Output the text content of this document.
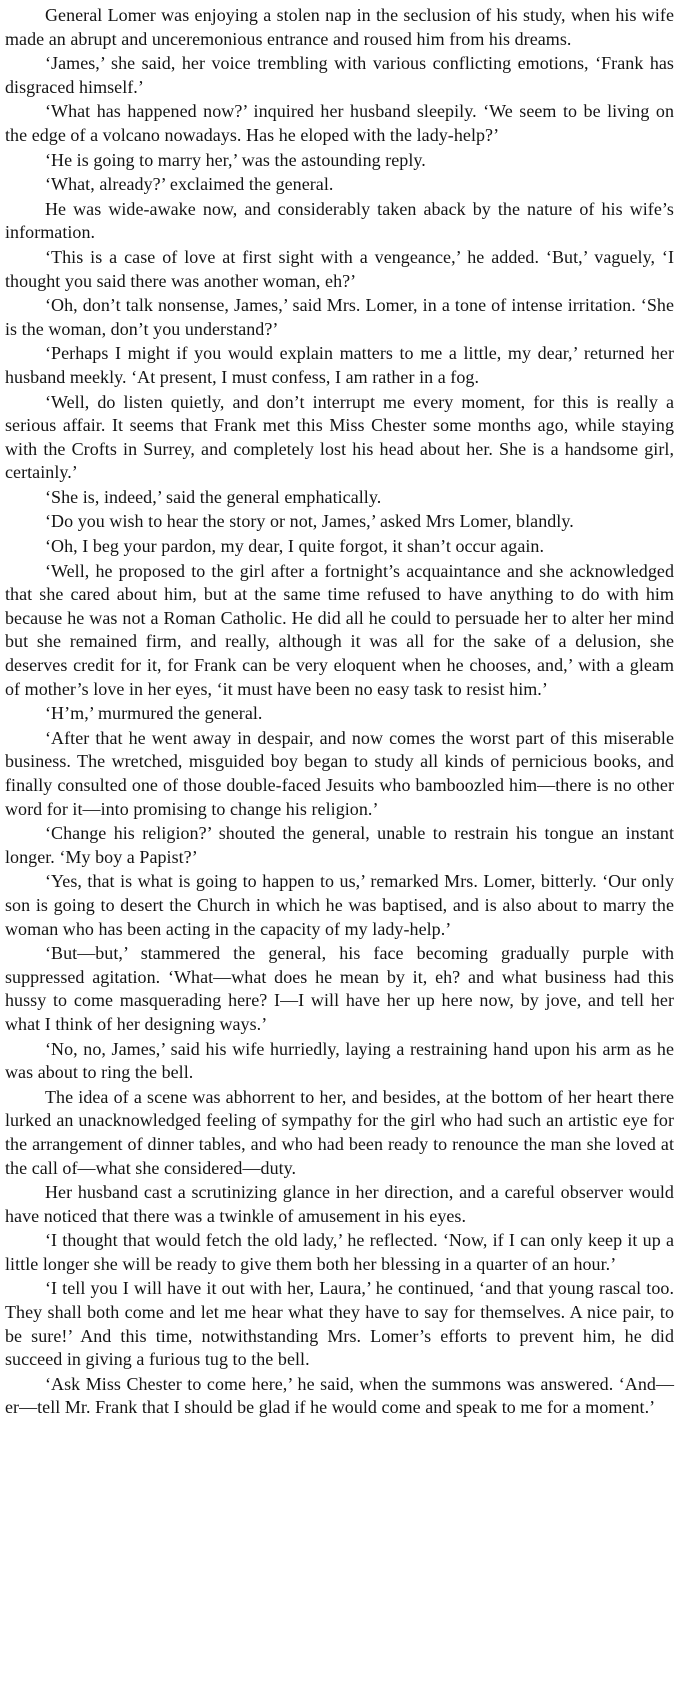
General Lomer was enjoying a stolen nap in the seclusion of his study, when his wife made an abrupt and unceremonious entrance and roused him from his dreams.

‘James,’ she said, her voice trembling with various conflicting emotions, ‘Frank has disgraced himself.’

‘What has happened now?’ inquired her husband sleepily. ‘We seem to be living on the edge of a volcano nowadays. Has he eloped with the lady-help?’

‘He is going to marry her,’ was the astounding reply.

‘What, already?’ exclaimed the general.

He was wide-awake now, and considerably taken aback by the nature of his wife’s information.

‘This is a case of love at first sight with a vengeance,’ he added. ‘But,’ vaguely, ‘I thought you said there was another woman, eh?’

‘Oh, don’t talk nonsense, James,’ said Mrs. Lomer, in a tone of intense irritation. ‘She is the woman, don’t you understand?’

‘Perhaps I might if you would explain matters to me a little, my dear,’ returned her husband meekly. ‘At present, I must confess, I am rather in a fog.

‘Well, do listen quietly, and don’t interrupt me every moment, for this is really a serious affair. It seems that Frank met this Miss Chester some months ago, while staying with the Crofts in Surrey, and completely lost his head about her. She is a handsome girl, certainly.’

‘She is, indeed,’ said the general emphatically.

‘Do you wish to hear the story or not, James,’ asked Mrs Lomer, blandly.

‘Oh, I beg your pardon, my dear, I quite forgot, it shan’t occur again.

‘Well, he proposed to the girl after a fortnight’s acquaintance and she acknowledged that she cared about him, but at the same time refused to have anything to do with him because he was not a Roman Catholic. He did all he could to persuade her to alter her mind but she remained firm, and really, although it was all for the sake of a delusion, she deserves credit for it, for Frank can be very eloquent when he chooses, and,’ with a gleam of mother’s love in her eyes, ‘it must have been no easy task to resist him.’

‘H’m,’ murmured the general.

‘After that he went away in despair, and now comes the worst part of this miserable business. The wretched, misguided boy began to study all kinds of pernicious books, and finally consulted one of those double-faced Jesuits who bamboozled him—there is no other word for it—into promising to change his religion.’

‘Change his religion?’ shouted the general, unable to restrain his tongue an instant longer. ‘My boy a Papist?’

‘Yes, that is what is going to happen to us,’ remarked Mrs. Lomer, bitterly. ‘Our only son is going to desert the Church in which he was baptised, and is also about to marry the woman who has been acting in the capacity of my lady-help.’

‘But—but,’ stammered the general, his face becoming gradually purple with suppressed agitation. ‘What—what does he mean by it, eh? and what business had this hussy to come masquerading here? I—I will have her up here now, by jove, and tell her what I think of her designing ways.’

‘No, no, James,’ said his wife hurriedly, laying a restraining hand upon his arm as he was about to ring the bell.

The idea of a scene was abhorrent to her, and besides, at the bottom of her heart there lurked an unacknowledged feeling of sympathy for the girl who had such an artistic eye for the arrangement of dinner tables, and who had been ready to renounce the man she loved at the call of—what she considered—duty.

Her husband cast a scrutinizing glance in her direction, and a careful observer would have noticed that there was a twinkle of amusement in his eyes.

‘I thought that would fetch the old lady,’ he reflected. ‘Now, if I can only keep it up a little longer she will be ready to give them both her blessing in a quarter of an hour.’

‘I tell you I will have it out with her, Laura,’ he continued, ‘and that young rascal too. They shall both come and let me hear what they have to say for themselves. A nice pair, to be sure!’ And this time, notwithstanding Mrs. Lomer’s efforts to prevent him, he did succeed in giving a furious tug to the bell.

‘Ask Miss Chester to come here,’ he said, when the summons was answered. ‘And—er—tell Mr. Frank that I should be glad if he would come and speak to me for a moment.’
